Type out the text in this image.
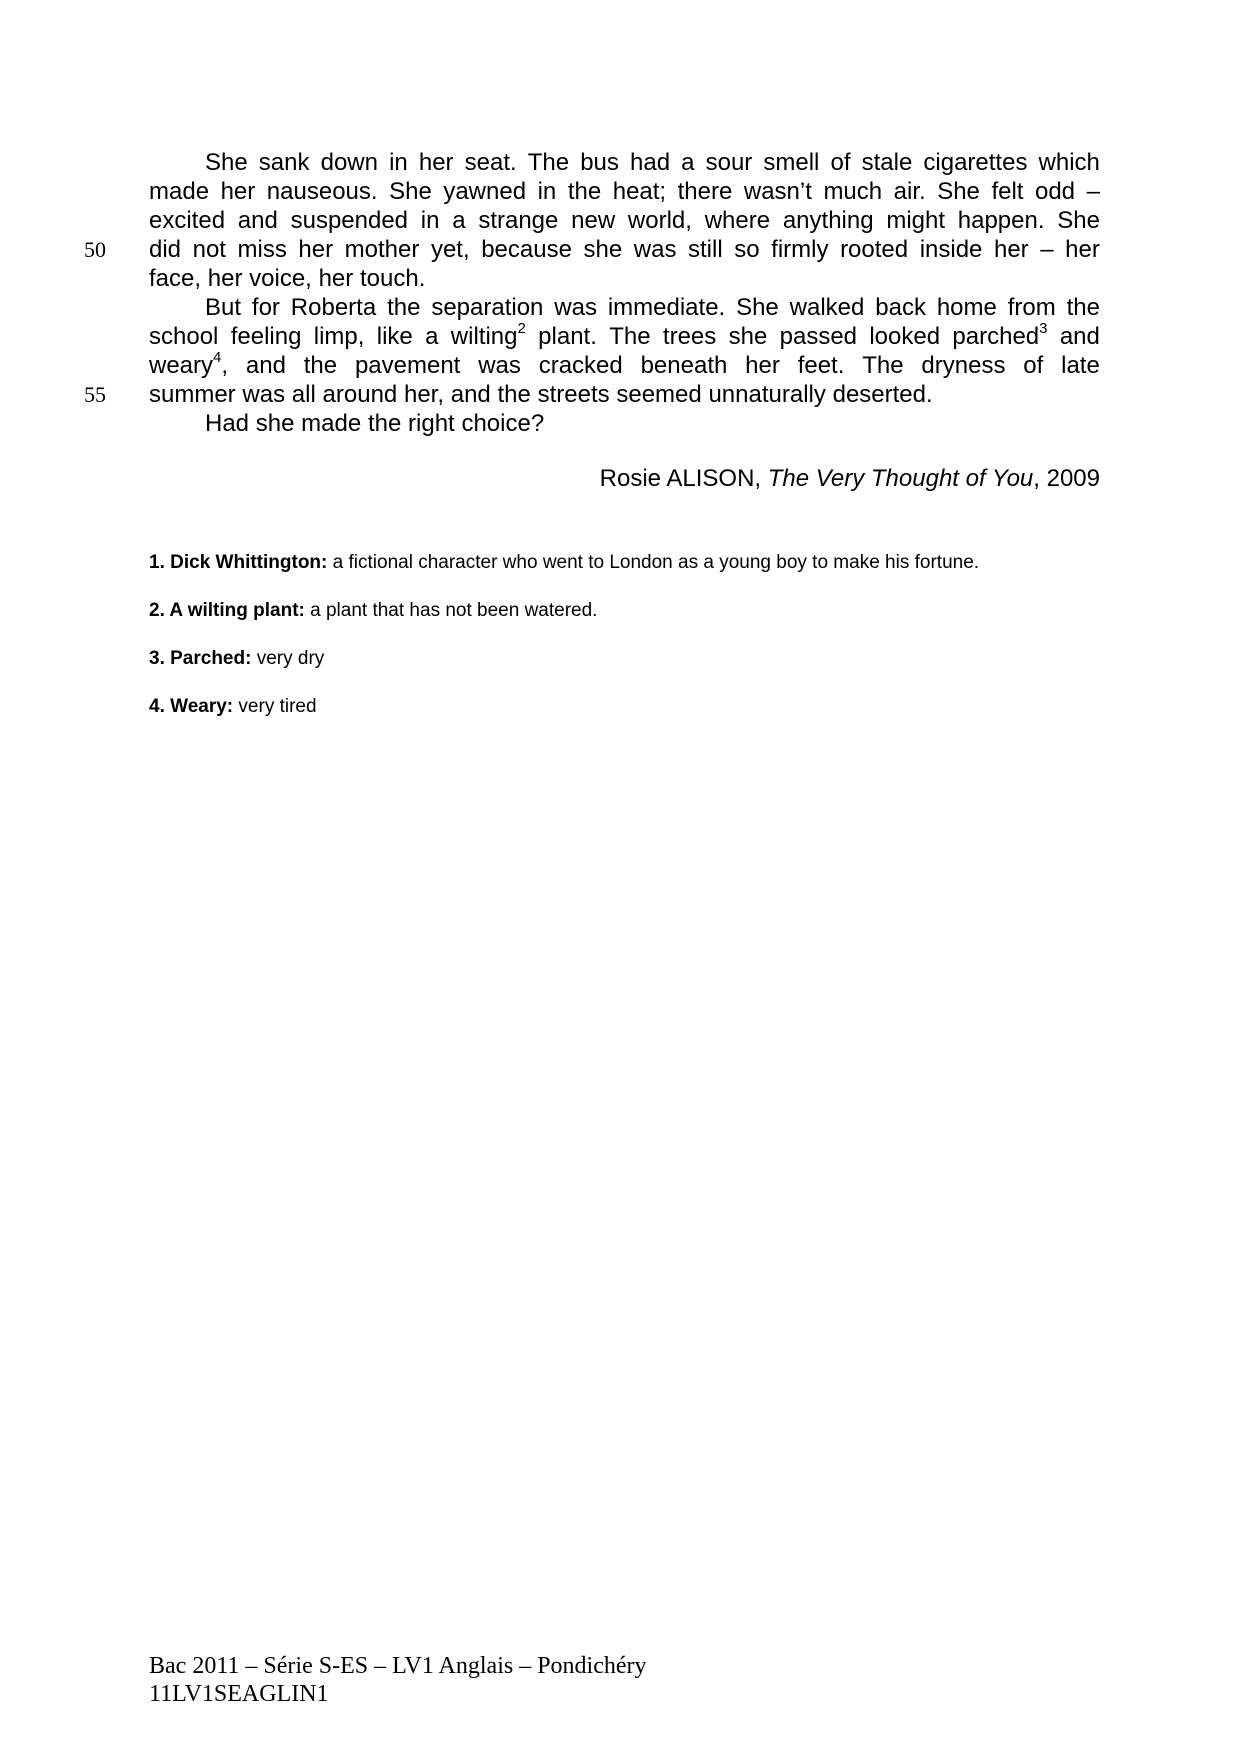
She sank down in her seat. The bus had a sour smell of stale cigarettes which
made her nauseous. She yawned in the heat; there wasn’t much air. She felt odd –
excited and suspended in a strange new world, where anything might happen. She
did not miss her mother yet, because she was still so firmly rooted inside her – her
face, her voice, her touch.
But for Roberta the separation was immediate. She walked back home from the
school feeling limp, like a wilting$^2$ plant. The trees she passed looked parched$^3$ and
weary$^4$, and the pavement was cracked beneath her feet. The dryness of late
summer was all around her, and the streets seemed unnaturally deserted.
Had she made the right choice?
50
55
Rosie ALISON, The Very Thought of You, 2009
1. Dick Whittington: a fictional character who went to London as a young boy to make his fortune.
2. A wilting plant: a plant that has not been watered.
3. Parched: very dry
4. Weary: very tired
Bac 2011 – Série S-ES – LV1 Anglais – Pondichéry
11LV1SEAGLIN1
